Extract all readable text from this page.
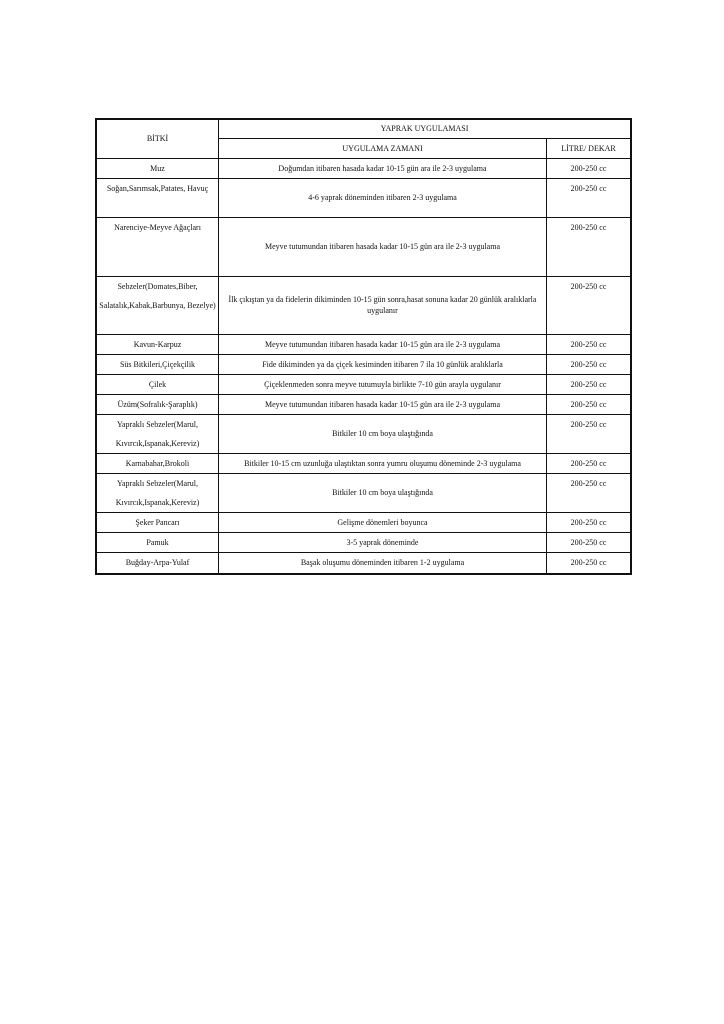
BİTKİ	YAPRAK UYGULAMASI	
	UYGULAMA ZAMANI	LİTRE/ DEKAR
Muz	Doğumdan itibaren hasada kadar 10-15 gün ara ile 2-3 uygulama	200-250 cc
Soğan,Sarımsak,Patates, Havuç	4-6 yaprak döneminden itibaren 2-3 uygulama	200-250 cc
Narenciye-Meyve Ağaçları	Meyve tutumundan itibaren hasada kadar 10-15 gün ara ile 2-3 uygulama	200-250 cc
Sebzeler(Domates,Biber, Salatalık,Kabak,Barbunya, Bezelye)	İlk çıkıştan ya da fidelerin dikiminden 10-15 gün sonra,hasat sonuna kadar 20 günlük aralıklarla uygulanır	200-250 cc
Kavun-Karpuz	Meyve tutumundan itibaren hasada kadar 10-15 gün ara ile 2-3 uygulama	200-250 cc
Süs Bitkileri,Çiçekçilik	Fide dikiminden ya da çiçek kesiminden itibaren 7 ila 10 günlük aralıklarla	200-250 cc
Çilek	Çiçeklenmeden sonra meyve tutumuyla birlikte 7-10 gün arayla uygulanır	200-250 cc
Üzüm(Sofralık-Şaraplık)	Meyve tutumundan itibaren hasada kadar 10-15 gün ara ile 2-3 uygulama	200-250 cc
Yapraklı Sebzeler(Marul, Kıvırcık,Ispanak,Kereviz)	Bitkiler 10 cm boya ulaştığında	200-250 cc
Karnabahar,Brokoli	Bitkiler 10-15 cm uzunluğa ulaştıktan sonra yumru oluşumu döneminde 2-3 uygulama	200-250 cc
Yapraklı Sebzeler(Marul, Kıvırcık,Ispanak,Kereviz)	Bitkiler 10 cm boya ulaştığında	200-250 cc
Şeker Pancarı	Gelişme dönemleri boyunca	200-250 cc
Pamuk	3-5 yaprak döneminde	200-250 cc
Buğday-Arpa-Yulaf	Başak oluşumu döneminden itibaren 1-2 uygulama	200-250 cc
